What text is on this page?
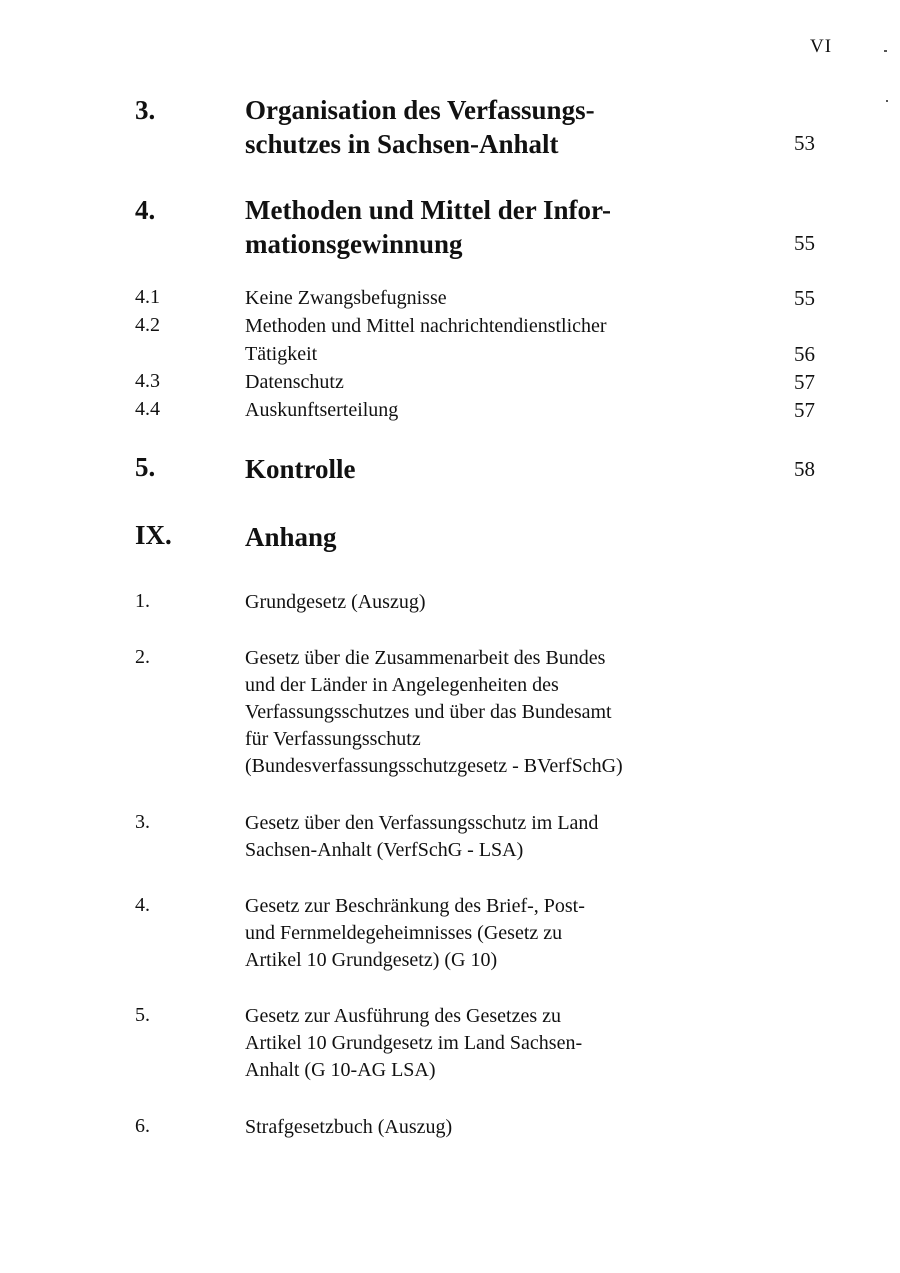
VI
3.	Organisation des Verfassungs-
schutzes in Sachsen-Anhalt	53
4.	Methoden und Mittel der Infor-
mationsgewinnung	55
4.1	Keine Zwangsbefugnisse	55
4.2	Methoden und Mittel nachrichtendienstlicher
Tätigkeit	56
4.3	Datenschutz	57
4.4	Auskunftserteilung	57
5.	Kontrolle	58
IX.	Anhang
1.	Grundgesetz (Auszug)
2.	Gesetz über die Zusammenarbeit des Bundes
und der Länder in Angelegenheiten des
Verfassungsschutzes und über das Bundesamt
für Verfassungsschutz
(Bundesverfassungsschutzgesetz - BVerfSchG)
3.	Gesetz über den Verfassungsschutz im Land
Sachsen-Anhalt (VerfSchG - LSA)
4.	Gesetz zur Beschränkung des Brief-, Post-
und Fernmeldegeheimnisses (Gesetz zu
Artikel 10 Grundgesetz) (G 10)
5.	Gesetz zur Ausführung des Gesetzes zu
Artikel 10 Grundgesetz im Land Sachsen-
Anhalt (G 10-AG LSA)
6.	Strafgesetzbuch (Auszug)
